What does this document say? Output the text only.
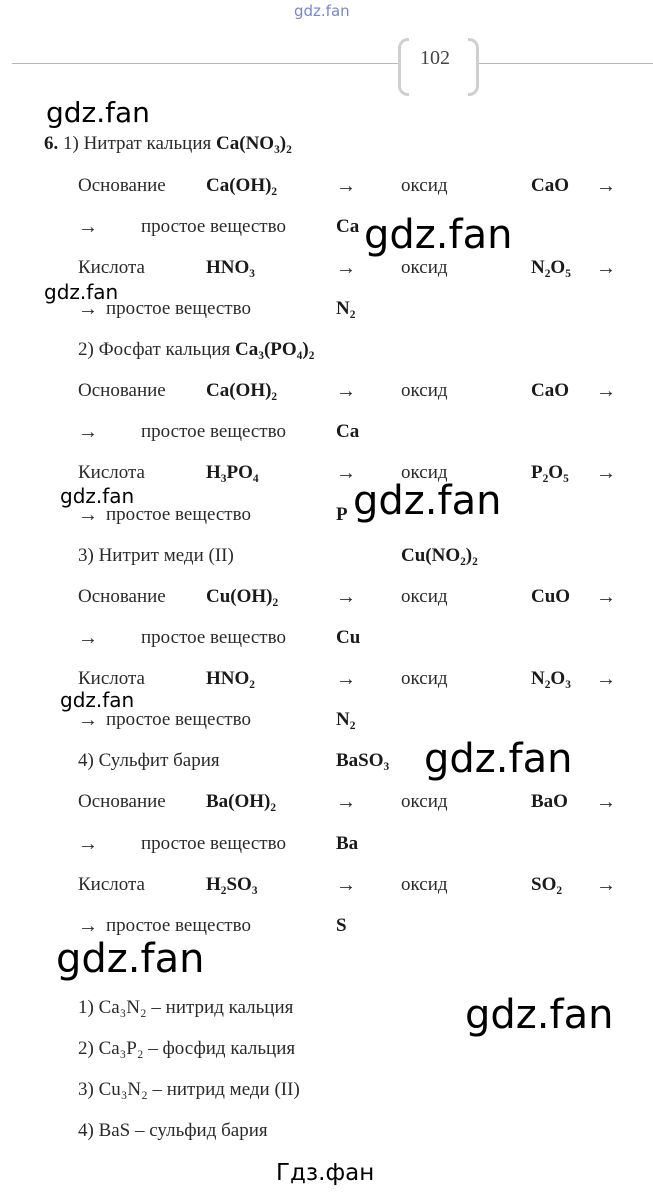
gdz.fan
102
gdz.fan
gdz.fan
gdz.fan
gdz.fan	gdz.fan
gdz.fan
gdz.fan
gdz.fan
gdz.fan
6. 1) Нитрат кальция Ca(NO₃)₂
Основание Ca(OH)₂	→ оксид	CaO →
→ простое вещество	Ca
Кислота	HNO₃	→ оксид	N₂O₅ →
→ простое вещество	N₂
2) Фосфат кальция Ca₃(PO₄)₂
Основание Ca(OH)₂	→ оксид	CaO →
→ простое вещество	Ca
Кислота	H₃PO₄	→ оксид	P₂O₅ →
→ простое вещество	P
3) Нитрит меди (II)	Cu(NO₂)₂
Основание Cu(OH)₂	→ оксид	CuO →
→ простое вещество	Cu
Кислота	HNO₂	→ оксид	N₂O₃ →
→ простое вещество	N₂
4) Сульфит бария	BaSO₃
Основание Ba(OH)₂	→ оксид	BaO →
→ простое вещество	Ba
Кислота	H₂SO₃	→ оксид	SO₂ →
→ простое вещество	S
1) Ca₃N₂ – нитрид кальция
2) Ca₃P₂ – фосфид кальция
3) Cu₃N₂ – нитрид меди (II)
4) BaS – сульфид бария
Гдз.фан
